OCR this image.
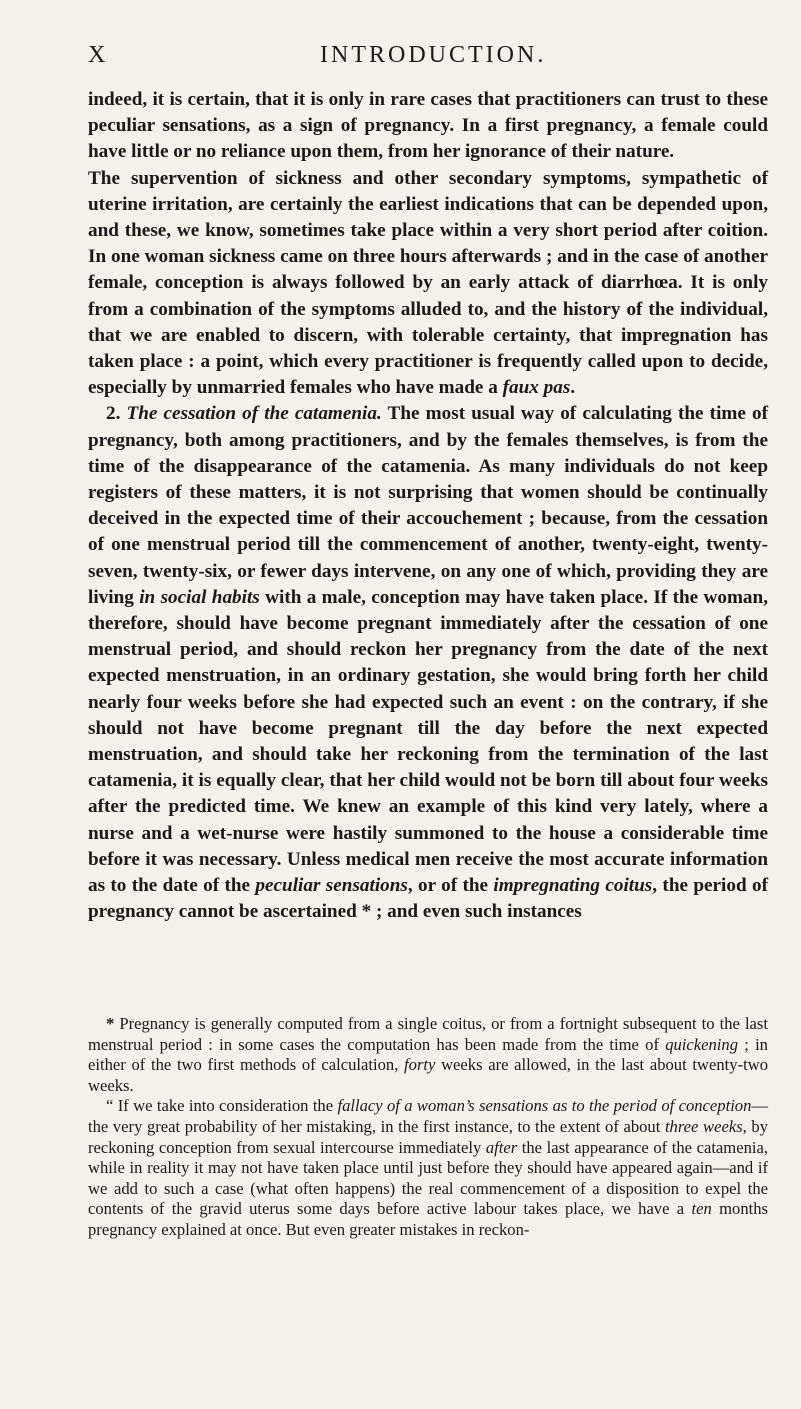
X	INTRODUCTION.

indeed, it is certain, that it is only in rare cases that practitioners can trust to these peculiar sensations, as a sign of pregnancy. In a first pregnancy, a female could have little or no reliance upon them, from her ignorance of their nature.

The supervention of sickness and other secondary symptoms, sympathetic of uterine irritation, are certainly the earliest indications that can be depended upon, and these, we know, sometimes take place within a very short period after coition. In one woman sickness came on three hours afterwards ; and in the case of another female, conception is always followed by an early attack of diarrhœa. It is only from a combination of the symptoms alluded to, and the history of the individual, that we are enabled to discern, with tolerable certainty, that impregnation has taken place : a point, which every practitioner is frequently called upon to decide, especially by unmarried females who have made a faux pas.

2. The cessation of the catamenia. The most usual way of calculating the time of pregnancy, both among practitioners, and by the females themselves, is from the time of the disappearance of the catamenia. As many individuals do not keep registers of these matters, it is not surprising that women should be continually deceived in the expected time of their accouchement ; because, from the cessation of one menstrual period till the commencement of another, twenty-eight, twenty-seven, twenty-six, or fewer days intervene, on any one of which, providing they are living in social habits with a male, conception may have taken place. If the woman, therefore, should have become pregnant immediately after the cessation of one menstrual period, and should reckon her pregnancy from the date of the next expected menstruation, in an ordinary gestation, she would bring forth her child nearly four weeks before she had expected such an event : on the contrary, if she should not have become pregnant till the day before the next expected menstruation, and should take her reckoning from the termination of the last catamenia, it is equally clear, that her child would not be born till about four weeks after the predicted time. We knew an example of this kind very lately, where a nurse and a wet-nurse were hastily summoned to the house a considerable time before it was necessary. Unless medical men receive the most accurate information as to the date of the peculiar sensations, or of the impregnating coitus, the period of pregnancy cannot be ascertained * ; and even such instances

* Pregnancy is generally computed from a single coitus, or from a fortnight subsequent to the last menstrual period : in some cases the computation has been made from the time of quickening ; in either of the two first methods of calculation, forty weeks are allowed, in the last about twenty-two weeks.

“ If we take into consideration the fallacy of a woman’s sensations as to the period of conception—the very great probability of her mistaking, in the first instance, to the extent of about three weeks, by reckoning conception from sexual intercourse immediately after the last appearance of the catamenia, while in reality it may not have taken place until just before they should have appeared again—and if we add to such a case (what often happens) the real commencement of a disposition to expel the contents of the gravid uterus some days before active labour takes place, we have a ten months pregnancy explained at once. But even greater mistakes in reckon-
